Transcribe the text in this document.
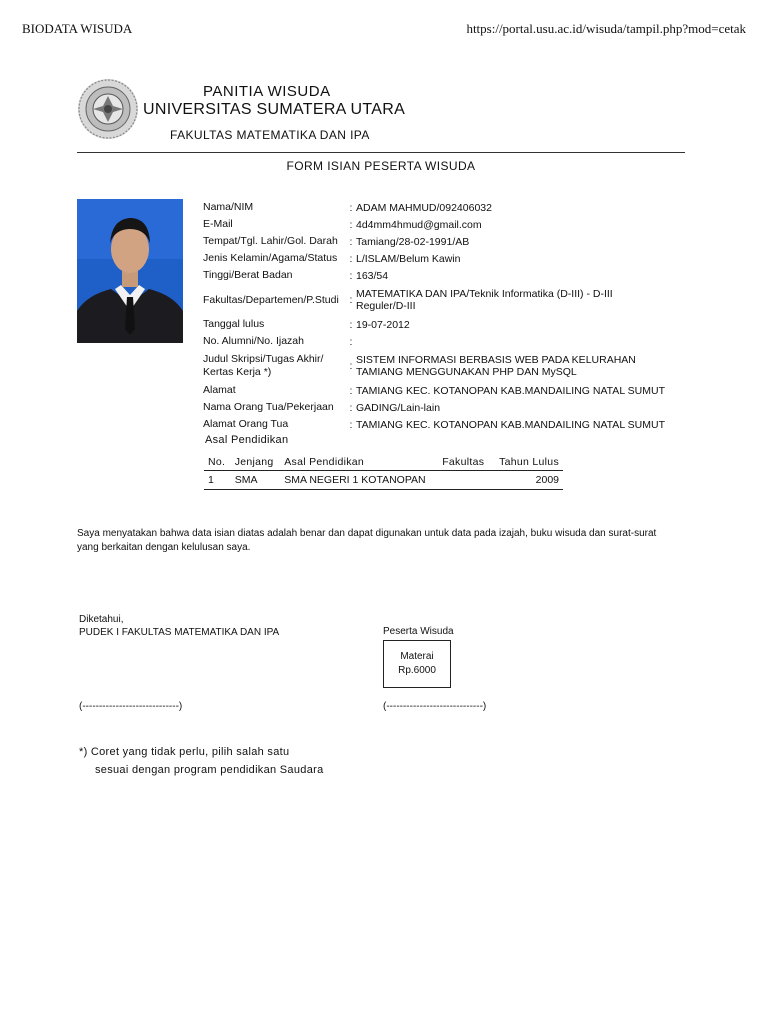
BIODATA WISUDA	https://portal.usu.ac.id/wisuda/tampil.php?mod=cetak
PANITIA WISUDA
UNIVERSITAS SUMATERA UTARA
FAKULTAS MATEMATIKA DAN IPA
FORM ISIAN PESERTA WISUDA
Nama/NIM	: ADAM MAHMUD/092406032
E-Mail	: 4d4mm4hmud@gmail.com
Tempat/Tgl. Lahir/Gol. Darah	: Tamiang/28-02-1991/AB
Jenis Kelamin/Agama/Status	: L/ISLAM/Belum Kawin
Tinggi/Berat Badan	: 163/54
Fakultas/Departemen/P.Studi	: MATEMATIKA DAN IPA/Teknik Informatika (D-III) - D-III Reguler/D-III
Tanggal lulus	: 19-07-2012
No. Alumni/No. Ijazah	:
Judul Skripsi/Tugas Akhir/ Kertas Kerja *)	: SISTEM INFORMASI BERBASIS WEB PADA KELURAHAN TAMIANG MENGGUNAKAN PHP DAN MySQL
Alamat	: TAMIANG KEC. KOTANOPAN KAB.MANDAILING NATAL SUMUT
Nama Orang Tua/Pekerjaan	: GADING/Lain-lain
Alamat Orang Tua	: TAMIANG KEC. KOTANOPAN KAB.MANDAILING NATAL SUMUT
Asal Pendidikan
No.	Jenjang	Asal Pendidikan	Fakultas	Tahun Lulus
1	SMA	SMA NEGERI 1 KOTANOPAN		2009
Saya menyatakan bahwa data isian diatas adalah benar dan dapat digunakan untuk data pada izajah, buku wisuda dan surat-surat yang berkaitan dengan kelulusan saya.
Diketahui,
PUDEK I FAKULTAS MATEMATIKA DAN IPA	Peserta Wisuda
Materai
Rp.6000
(-----------------------------)	(-----------------------------)
*) Coret yang tidak perlu, pilih salah satu
sesuai dengan program pendidikan Saudara
